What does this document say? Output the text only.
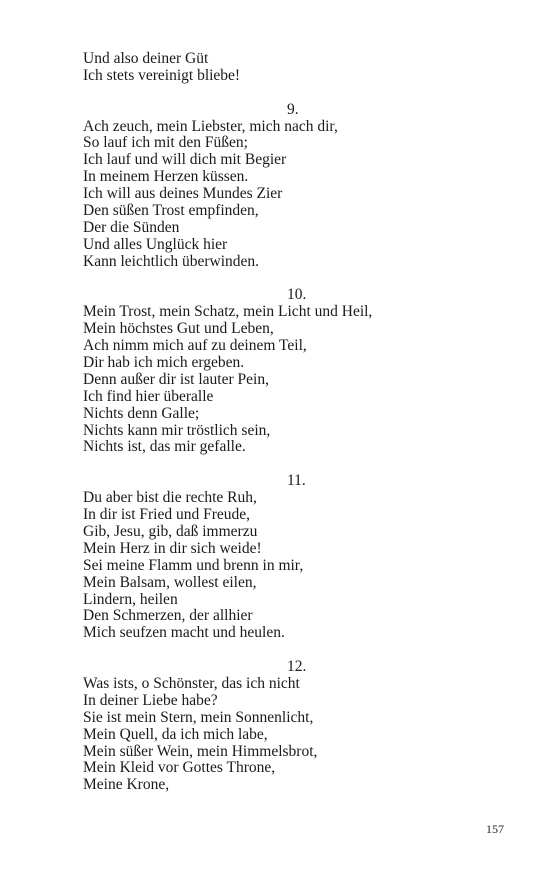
Und also deiner Güt
Ich stets vereinigt bliebe!
9.
Ach zeuch, mein Liebster, mich nach dir,
So lauf ich mit den Füßen;
Ich lauf und will dich mit Begier
In meinem Herzen küssen.
Ich will aus deines Mundes Zier
Den süßen Trost empfinden,
Der die Sünden
Und alles Unglück hier
Kann leichtlich überwinden.
10.
Mein Trost, mein Schatz, mein Licht und Heil,
Mein höchstes Gut und Leben,
Ach nimm mich auf zu deinem Teil,
Dir hab ich mich ergeben.
Denn außer dir ist lauter Pein,
Ich find hier überalle
Nichts denn Galle;
Nichts kann mir tröstlich sein,
Nichts ist, das mir gefalle.
11.
Du aber bist die rechte Ruh,
In dir ist Fried und Freude,
Gib, Jesu, gib, daß immerzu
Mein Herz in dir sich weide!
Sei meine Flamm und brenn in mir,
Mein Balsam, wollest eilen,
Lindern, heilen
Den Schmerzen, der allhier
Mich seufzen macht und heulen.
12.
Was ists, o Schönster, das ich nicht
In deiner Liebe habe?
Sie ist mein Stern, mein Sonnenlicht,
Mein Quell, da ich mich labe,
Mein süßer Wein, mein Himmelsbrot,
Mein Kleid vor Gottes Throne,
Meine Krone,
157
